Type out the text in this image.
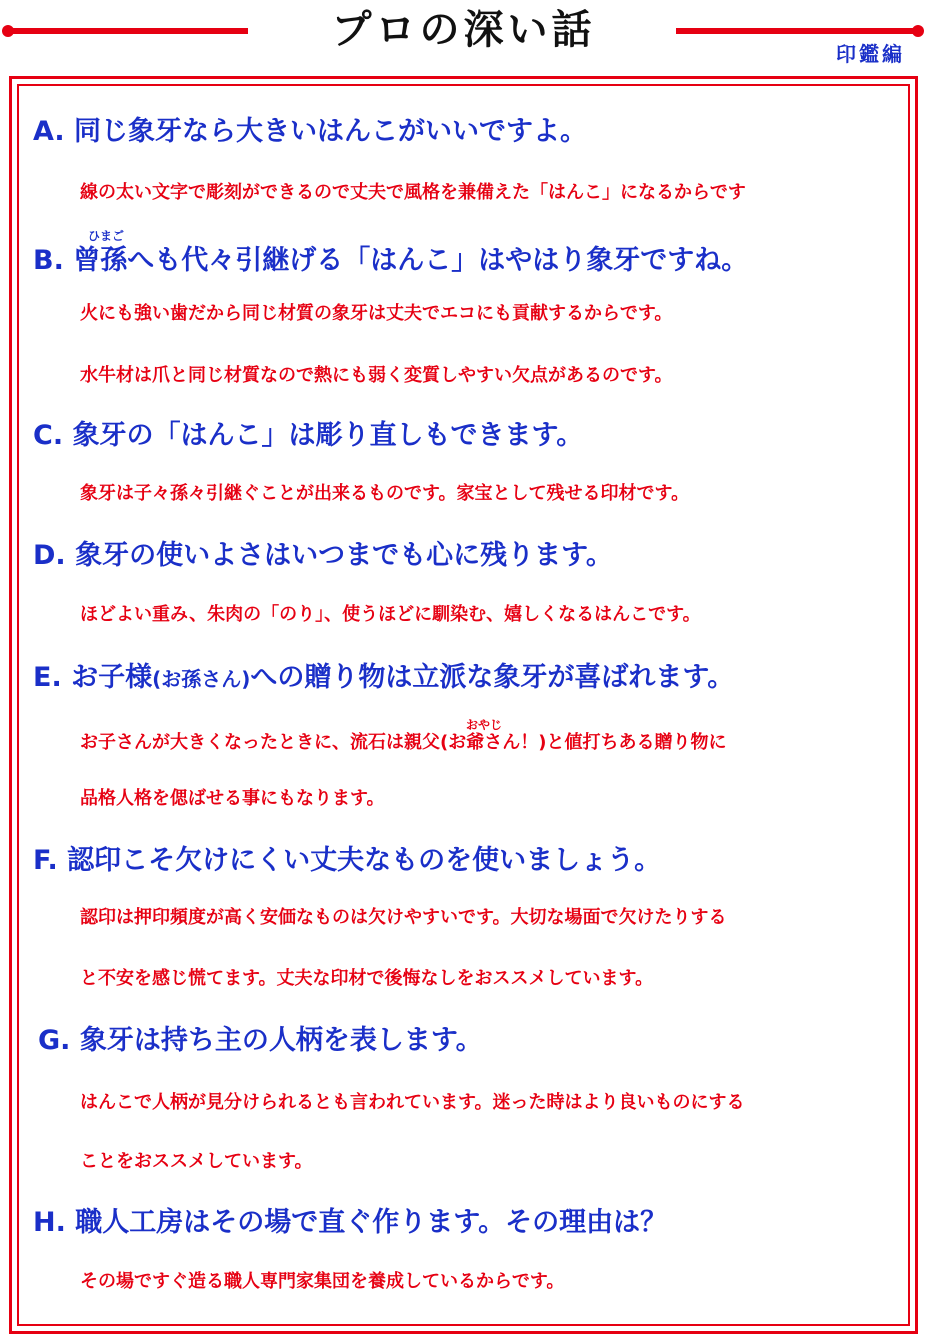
プロの深い話
印鑑編
A. 同じ象牙なら大きいはんこがいいですよ。
線の太い文字で彫刻ができるので丈夫で風格を兼備えた「はんこ」になるからです
ひまご
B. 曾孫へも代々引継げる「はんこ」はやはり象牙ですね。
火にも強い歯だから同じ材質の象牙は丈夫でエコにも貢献するからです。
水牛材は爪と同じ材質なので熱にも弱く変質しやすい欠点があるのです。
C. 象牙の「はんこ」は彫り直しもできます。
象牙は子々孫々引継ぐことが出来るものです。家宝として残せる印材です。
D. 象牙の使いよさはいつまでも心に残ります。
ほどよい重み、朱肉の「のり」、使うほどに馴染む、嬉しくなるはんこです。
E. お子様(お孫さん)への贈り物は立派な象牙が喜ばれます。
おやじ
お子さんが大きくなったときに、流石は親父(お爺さん！)と値打ちある贈り物に
品格人格を偲ばせる事にもなります。
F. 認印こそ欠けにくい丈夫なものを使いましょう。
認印は押印頻度が高く安価なものは欠けやすいです。大切な場面で欠けたりする
と不安を感じ慌てます。丈夫な印材で後悔なしをおススメしています。
G. 象牙は持ち主の人柄を表します。
はんこで人柄が見分けられるとも言われています。迷った時はより良いものにする
ことをおススメしています。
H. 職人工房はその場で直ぐ作ります。その理由は？
その場ですぐ造る職人専門家集団を養成しているからです。
